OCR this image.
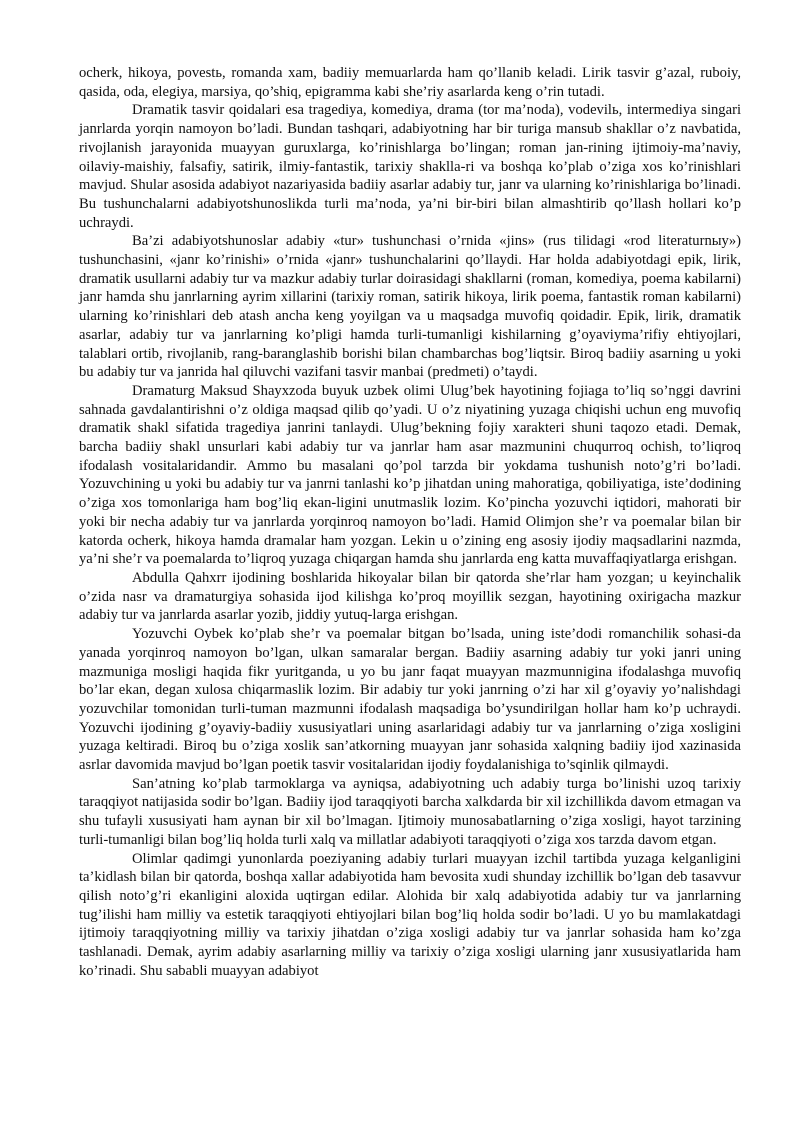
ocherk, hikoya, povestь, romanda xam, badiiy memuarlarda ham qo’llanib keladi. Lirik tasvir g’azal, ruboiy, qasida, oda, elegiya, marsiya, qo’shiq, epigramma kabi she’riy asarlarda keng o’rin tutadi.

Dramatik tasvir qoidalari esa tragediya, komediya, drama (tor ma’noda), vodevilь, intermediya singari janrlarda yorqin namoyon bo’ladi. Bundan tashqari, adabiyotning har bir turiga mansub shakllar o’z navbatida, rivojlanish jarayonida muayyan guruxlarga, ko’rinishlarga bo’lingan; roman jan-rining ijtimoiy-ma’naviy, oilaviy-maishiy, falsafiy, satirik, ilmiy-fantastik, tarixiy shaklla-ri va boshqa ko’plab o’ziga xos ko’rinishlari mavjud. Shular asosida adabiyot nazariyasida badiiy asarlar adabiy tur, janr va ularning ko’rinishlariga bo’linadi. Bu tushunchalarni adabiyotshunoslikda turli ma’noda, ya’ni bir-biri bilan almashtirib qo’llash hollari ko’p uchraydi.

Ba’zi adabiyotshunoslar adabiy «tur» tushunchasi o’rnida «jins» (rus tilidagi «rod literaturnыy») tushunchasini, «janr ko’rinishi» o’rnida «janr» tushunchalarini qo’llaydi. Har holda adabiyotdagi epik, lirik, dramatik usullarni adabiy tur va mazkur adabiy turlar doirasidagi shakllarni (roman, komediya, poema kabilarni) janr hamda shu janrlarning ayrim xillarini (tarixiy roman, satirik hikoya, lirik poema, fantastik roman kabilarni) ularning ko’rinishlari deb atash ancha keng yoyilgan va u maqsadga muvofiq qoidadir. Epik, lirik, dramatik asarlar, adabiy tur va janrlarning ko’pligi hamda turli-tumanligi kishilarning g’oyaviyma’rifiy ehtiyojlari, talablari ortib, rivojlanib, rang-baranglashib borishi bilan chambarchas bog’liqtsir. Biroq badiiy asarning u yoki bu adabiy tur va janrida hal qiluvchi vazifani tasvir manbai (predmeti) o’taydi.

Dramaturg Maksud Shayxzoda buyuk uzbek olimi Ulug’bek hayotining fojiaga to’liq so’nggi davrini sahnada gavdalantirishni o’z oldiga maqsad qilib qo’yadi. U o’z niyatining yuzaga chiqishi uchun eng muvofiq dramatik shakl sifatida tragediya janrini tanlaydi. Ulug’bekning fojiy xarakteri shuni taqozo etadi. Demak, barcha badiiy shakl unsurlari kabi adabiy tur va janrlar ham asar mazmunini chuqurroq ochish, to’liqroq ifodalash vositalaridandir. Ammo bu masalani qo’pol tarzda bir yokdama tushunish noto’g’ri bo’ladi. Yozuvchining u yoki bu adabiy tur va janrni tanlashi ko’p jihatdan uning mahoratiga, qobiliyatiga, iste’dodining o’ziga xos tomonlariga ham bog’liq ekan-ligini unutmaslik lozim. Ko’pincha yozuvchi iqtidori, mahorati bir yoki bir necha adabiy tur va janrlarda yorqinroq namoyon bo’ladi. Hamid Olimjon she’r va poemalar bilan bir katorda ocherk, hikoya hamda dramalar ham yozgan. Lekin u o’zining eng asosiy ijodiy maqsadlarini nazmda, ya’ni she’r va poemalarda to’liqroq yuzaga chiqargan hamda shu janrlarda eng katta muvaffaqiyatlarga erishgan.

Abdulla Qahxrr ijodining boshlarida hikoyalar bilan bir qatorda she’rlar ham yozgan; u keyinchalik o’zida nasr va dramaturgiya sohasida ijod kilishga ko’proq moyillik sezgan, hayotining oxirigacha mazkur adabiy tur va janrlarda asarlar yozib, jiddiy yutuq-larga erishgan.

Yozuvchi Oybek ko’plab she’r va poemalar bitgan bo’lsada, uning iste’dodi romanchilik sohasi-da yanada yorqinroq namoyon bo’lgan, ulkan samaralar bergan. Badiiy asarning adabiy tur yoki janri uning mazmuniga mosligi haqida fikr yuritganda, u yo bu janr faqat muayyan mazmunnigina ifodalashga muvofiq bo’lar ekan, degan xulosa chiqarmaslik lozim. Bir adabiy tur yoki janrning o’zi har xil g’oyaviy yo’nalishdagi yozuvchilar tomonidan turli-tuman mazmunni ifodalash maqsadiga bo’ysundirilgan hollar ham ko’p uchraydi. Yozuvchi ijodining g’oyaviy-badiiy xususiyatlari uning asarlaridagi adabiy tur va janrlarning o’ziga xosligini yuzaga keltiradi. Biroq bu o’ziga xoslik san’atkorning muayyan janr sohasida xalqning badiiy ijod xazinasida asrlar davomida mavjud bo’lgan poetik tasvir vositalaridan ijodiy foydalanishiga to’sqinlik qilmaydi.

San’atning ko’plab tarmoklarga va ayniqsa, adabiyotning uch adabiy turga bo’linishi uzoq tarixiy taraqqiyot natijasida sodir bo’lgan. Badiiy ijod taraqqiyoti barcha xalkdarda bir xil izchillikda davom etmagan va shu tufayli xususiyati ham aynan bir xil bo’lmagan. Ijtimoiy munosabatlarning o’ziga xosligi, hayot tarzining turli-tumanligi bilan bog’liq holda turli xalq va millatlar adabiyoti taraqqiyoti o’ziga xos tarzda davom etgan.

Olimlar qadimgi yunonlarda poeziyaning adabiy turlari muayyan izchil tartibda yuzaga kelganligini ta’kidlash bilan bir qatorda, boshqa xallar adabiyotida ham bevosita xudi shunday izchillik bo’lgan deb tasavvur qilish noto’g’ri ekanligini aloxida uqtirgan edilar. Alohida bir xalq adabiyotida adabiy tur va janrlarning tug’ilishi ham milliy va estetik taraqqiyoti ehtiyojlari bilan bog’liq holda sodir bo’ladi. U yo bu mamlakatdagi ijtimoiy taraqqiyotning milliy va tarixiy jihatdan o’ziga xosligi adabiy tur va janrlar sohasida ham ko’zga tashlanadi. Demak, ayrim adabiy asarlarning milliy va tarixiy o’ziga xosligi ularning janr xususiyatlarida ham ko’rinadi. Shu sababli muayyan adabiyot
